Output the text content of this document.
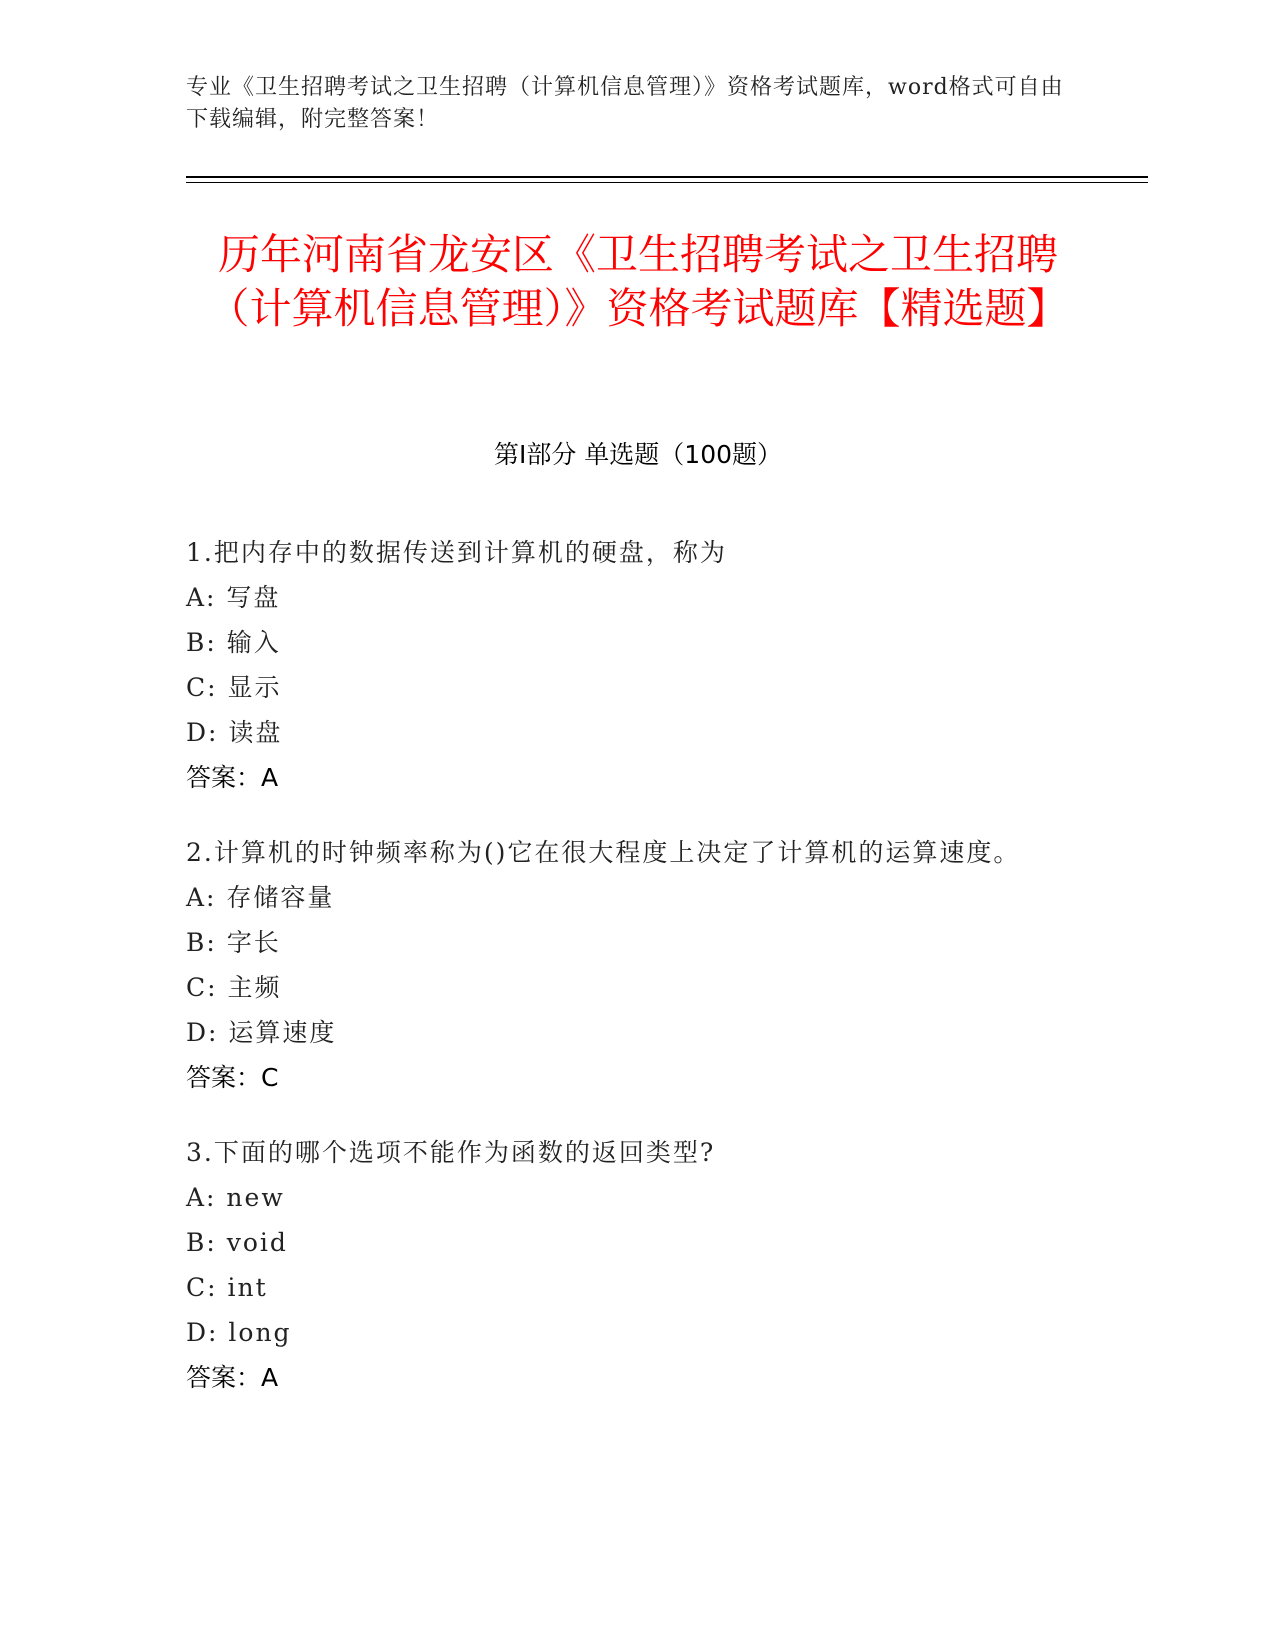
专业《卫生招聘考试之卫生招聘（计算机信息管理）》资格考试题库，word格式可自由下载编辑，附完整答案！
历年河南省龙安区《卫生招聘考试之卫生招聘（计算机信息管理）》资格考试题库【精选题】
第I部分 单选题（100题）
1.把内存中的数据传送到计算机的硬盘，称为
A: 写盘
B: 输入
C: 显示
D: 读盘
答案：A
2.计算机的时钟频率称为()它在很大程度上决定了计算机的运算速度。
A: 存储容量
B: 字长
C: 主频
D: 运算速度
答案：C
3.下面的哪个选项不能作为函数的返回类型?
A: new
B: void
C: int
D: long
答案：A
